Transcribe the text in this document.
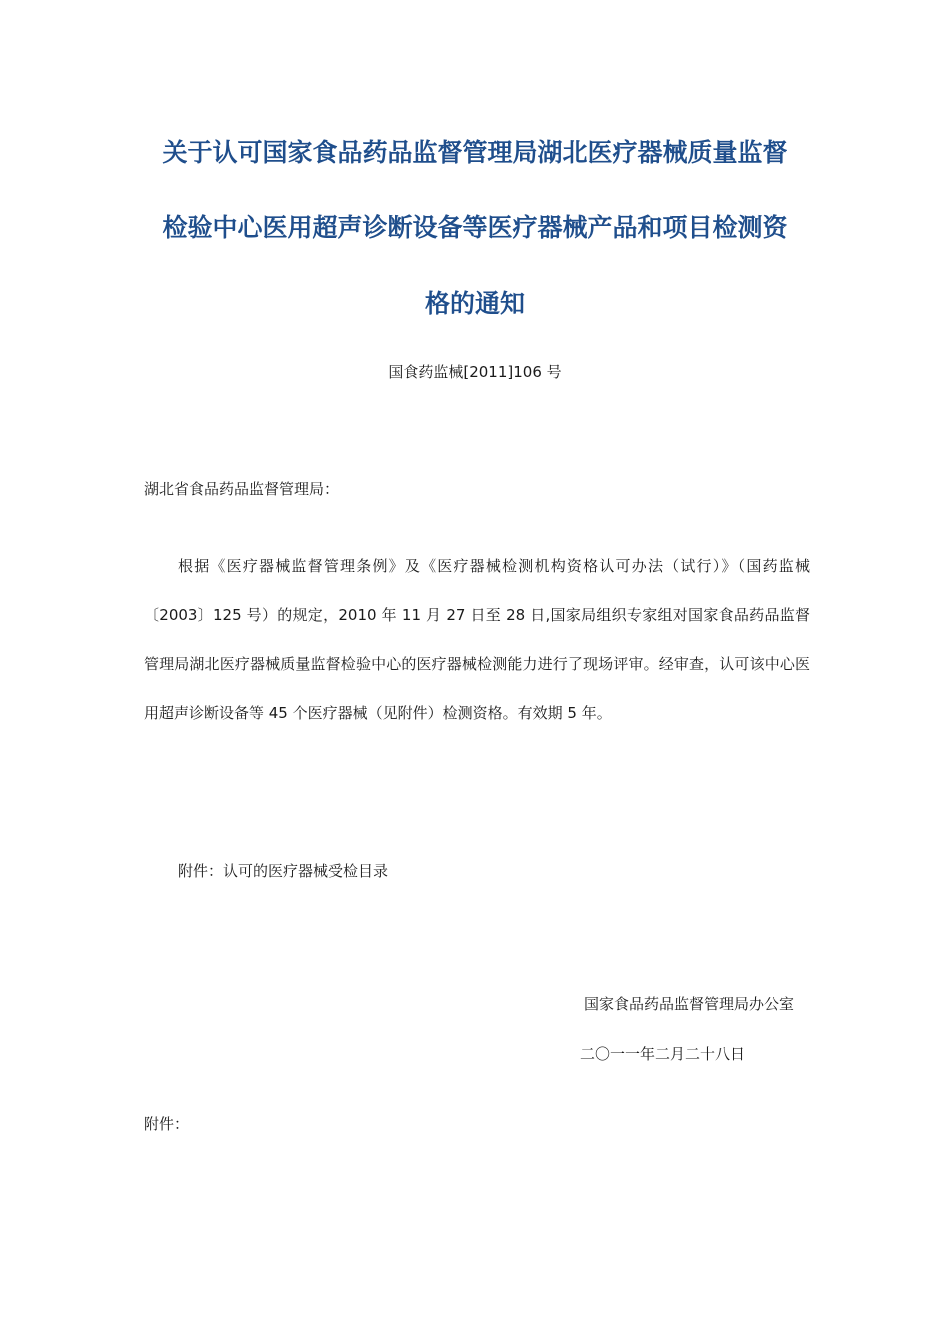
关于认可国家食品药品监督管理局湖北医疗器械质量监督
检验中心医用超声诊断设备等医疗器械产品和项目检测资
格的通知
国食药监械[2011]106 号
湖北省食品药品监督管理局：

根据《医疗器械监督管理条例》及《医疗器械检测机构资格认可办法（试行）》（国药监械〔2003〕125 号）的规定，2010 年 11 月 27 日至 28 日,国家局组织专家组对国家食品药品监督管理局湖北医疗器械质量监督检验中心的医疗器械检测能力进行了现场评审。经审查，认可该中心医用超声诊断设备等 45 个医疗器械（见附件）检测资格。有效期 5 年。

附件：认可的医疗器械受检目录
国家食品药品监督管理局办公室
二〇一一年二月二十八日
附件：
